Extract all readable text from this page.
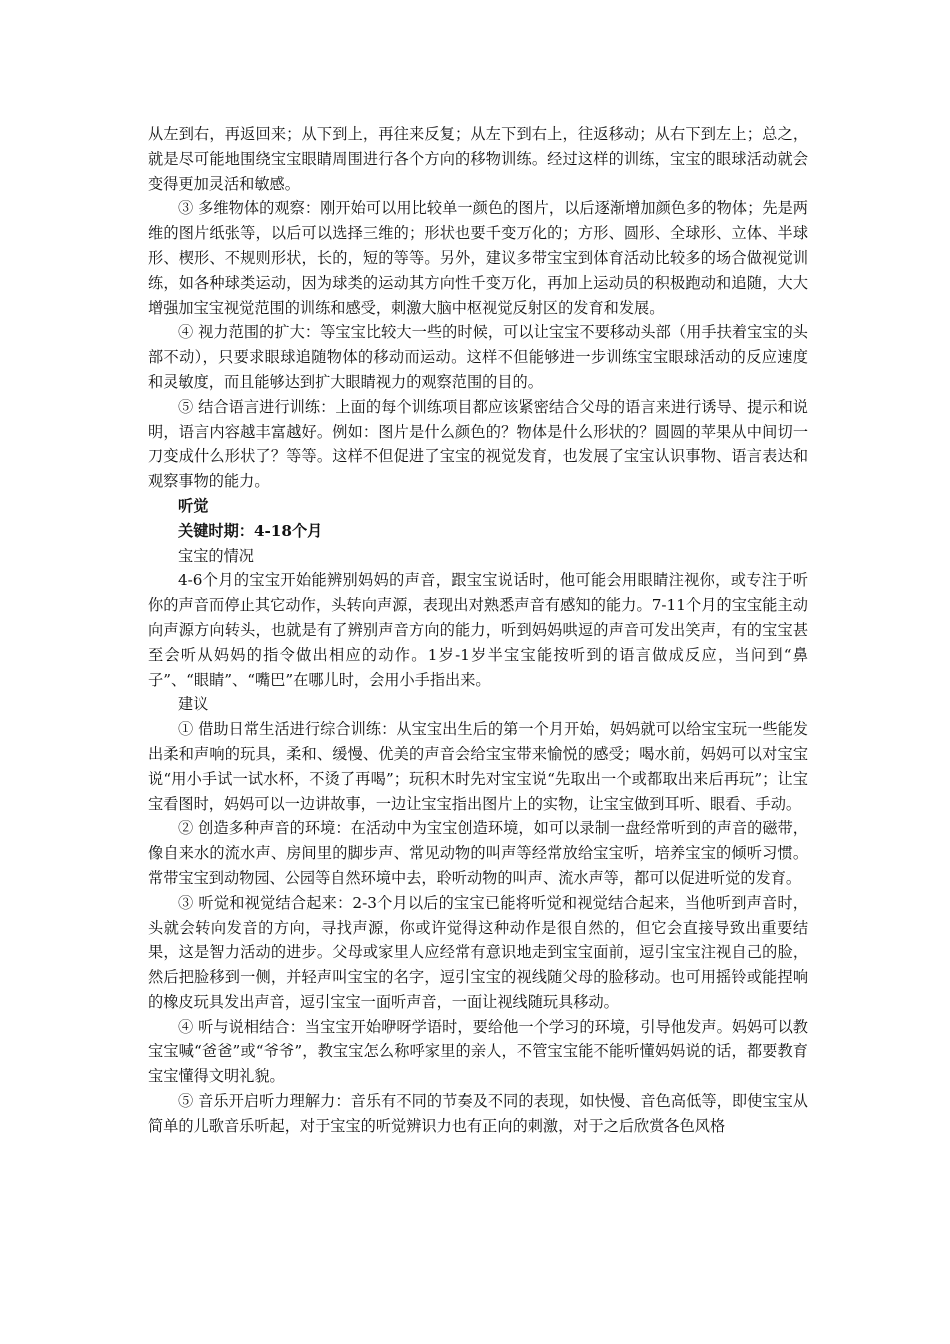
从左到右，再返回来；从下到上，再往来反复；从左下到右上，往返移动；从右下到左上；总之，就是尽可能地围绕宝宝眼睛周围进行各个方向的移物训练。经过这样的训练，宝宝的眼球活动就会变得更加灵活和敏感。

③ 多维物体的观察：刚开始可以用比较单一颜色的图片，以后逐渐增加颜色多的物体；先是两维的图片纸张等，以后可以选择三维的；形状也要千变万化的；方形、圆形、全球形、立体、半球形、楔形、不规则形状，长的，短的等等。另外，建议多带宝宝到体育活动比较多的场合做视觉训练，如各种球类运动，因为球类的运动其方向性千变万化，再加上运动员的积极跑动和追随，大大增强加宝宝视觉范围的训练和感受，刺激大脑中枢视觉反射区的发育和发展。

④ 视力范围的扩大：等宝宝比较大一些的时候，可以让宝宝不要移动头部（用手扶着宝宝的头部不动），只要求眼球追随物体的移动而运动。这样不但能够进一步训练宝宝眼球活动的反应速度和灵敏度，而且能够达到扩大眼睛视力的观察范围的目的。

⑤ 结合语言进行训练：上面的每个训练项目都应该紧密结合父母的语言来进行诱导、提示和说明，语言内容越丰富越好。例如：图片是什么颜色的？物体是什么形状的？圆圆的苹果从中间切一刀变成什么形状了？等等。这样不但促进了宝宝的视觉发育，也发展了宝宝认识事物、语言表达和观察事物的能力。

听觉

关键时期：4-18个月

宝宝的情况

4-6个月的宝宝开始能辨别妈妈的声音，跟宝宝说话时，他可能会用眼睛注视你，或专注于听你的声音而停止其它动作，头转向声源，表现出对熟悉声音有感知的能力。7-11个月的宝宝能主动向声源方向转头，也就是有了辨别声音方向的能力，听到妈妈哄逗的声音可发出笑声，有的宝宝甚至会听从妈妈的指令做出相应的动作。1岁-1岁半宝宝能按听到的语言做成反应，当问到“鼻子”、“眼睛”、“嘴巴”在哪儿时，会用小手指出来。

建议

① 借助日常生活进行综合训练：从宝宝出生后的第一个月开始，妈妈就可以给宝宝玩一些能发出柔和声响的玩具，柔和、缓慢、优美的声音会给宝宝带来愉悦的感受；喝水前，妈妈可以对宝宝说“用小手试一试水杯，不烫了再喝”；玩积木时先对宝宝说“先取出一个或都取出来后再玩”；让宝宝看图时，妈妈可以一边讲故事，一边让宝宝指出图片上的实物，让宝宝做到耳听、眼看、手动。

② 创造多种声音的环境：在活动中为宝宝创造环境，如可以录制一盘经常听到的声音的磁带，像自来水的流水声、房间里的脚步声、常见动物的叫声等经常放给宝宝听，培养宝宝的倾听习惯。常带宝宝到动物园、公园等自然环境中去，聆听动物的叫声、流水声等，都可以促进听觉的发育。

③ 听觉和视觉结合起来：2-3个月以后的宝宝已能将听觉和视觉结合起来，当他听到声音时，头就会转向发音的方向，寻找声源，你或许觉得这种动作是很自然的，但它会直接导致出重要结果，这是智力活动的进步。父母或家里人应经常有意识地走到宝宝面前，逗引宝宝注视自己的脸，然后把脸移到一侧，并轻声叫宝宝的名字，逗引宝宝的视线随父母的脸移动。也可用摇铃或能捏响的橡皮玩具发出声音，逗引宝宝一面听声音，一面让视线随玩具移动。

④ 听与说相结合：当宝宝开始咿呀学语时，要给他一个学习的环境，引导他发声。妈妈可以教宝宝喊“爸爸”或“爷爷”，教宝宝怎么称呼家里的亲人，不管宝宝能不能听懂妈妈说的话，都要教育宝宝懂得文明礼貌。

⑤ 音乐开启听力理解力：音乐有不同的节奏及不同的表现，如快慢、音色高低等，即使宝宝从简单的儿歌音乐听起，对于宝宝的听觉辨识力也有正向的刺激，对于之后欣赏各色风格
